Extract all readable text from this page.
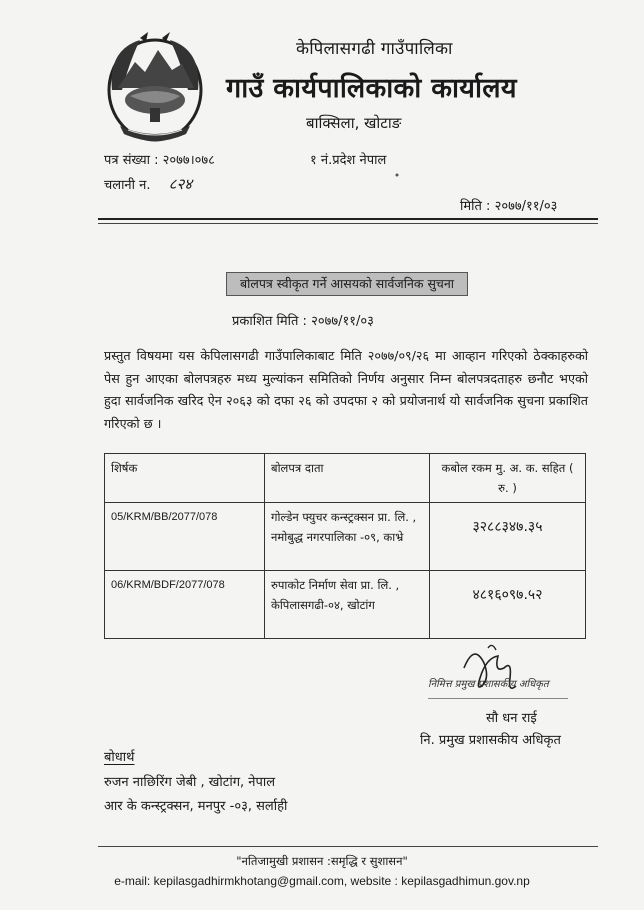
केपिलासगढी गाउँपालिका
गाउँ कार्यपालिकाको कार्यालय
बाक्सिला, खोटाङ
पत्र संख्या : २०७७।०७८	१ नं.प्रदेश नेपाल
चलानी न. ८२४
मिति : २०७७/११/०३
बोलपत्र स्वीकृत गर्ने आसयको सार्वजनिक सुचना
प्रकाशित मिति : २०७७/११/०३
प्रस्तुत विषयमा यस केपिलासगढी गाउँपालिकाबाट मिति २०७७/०९/२६ मा आव्हान गरिएको ठेक्काहरुको पेस हुन आएका बोलपत्रहरु मध्य मुल्यांकन समितिको निर्णय अनुसार निम्न बोलपत्रदताहरु छनौट भएको हुदा सार्वजनिक खरिद ऐन २०६३ को दफा २६ को उपदफा २ को प्रयोजनार्थ यो सार्वजनिक सुचना प्रकाशित गरिएको छ ।
शिर्षक	बोलपत्र दाता	कबोल रकम मु. अ. क. सहित ( रु. )
05/KRM/BB/2077/078	गोल्डेन फ्युचर कन्स्ट्रक्सन प्रा. लि. , नमोबुद्ध नगरपालिका -०९, काभ्रे	३२८८३४७.३५
06/KRM/BDF/2077/078	रुपाकोट निर्माण सेवा प्रा. लि. , केपिलासगढी-०४, खोटांग	४८१६०९७.५२
निमित्त प्रमुख प्रशासकीय अधिकृत
सौ धन राई
नि. प्रमुख प्रशासकीय अधिकृत
बोधार्थ
रुजन नाछिरिंग जेबी , खोटांग, नेपाल
आर के कन्स्ट्रक्सन, मनपुर -०३, सर्लाही
"नतिजामुखी प्रशासन :समृद्धि र सुशासन"
e-mail: kepilasgadhirmkhotang@gmail.com, website : kepilasgadhimun.gov.np
